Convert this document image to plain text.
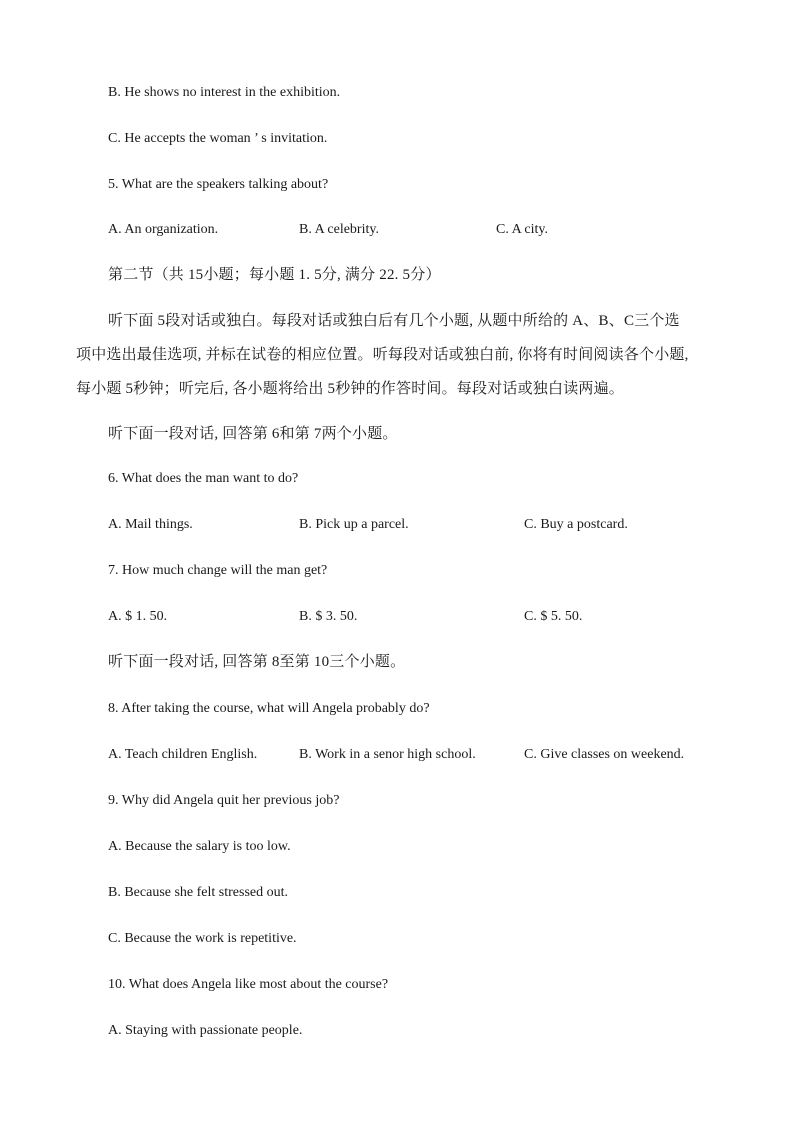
B. He shows no interest in the exhibition.
C. He accepts the woman ’ s invitation.
5. What are the speakers talking about?
A. An organization.	B. A celebrity.	C. A city.
第二节（共 15小题；每小题 1. 5分, 满分 22. 5分）
听下面 5段对话或独白。每段对话或独白后有几个小题, 从题中所给的 A、B、C三个选
项中选出最佳选项, 并标在试卷的相应位置。听每段对话或独白前, 你将有时间阅读各个小题,
每小题 5秒钟；听完后, 各小题将给出 5秒钟的作答时间。每段对话或独白读两遍。
听下面一段对话, 回答第 6和第 7两个小题。
6. What does the man want to do?
A. Mail things.	B. Pick up a parcel.	C. Buy a postcard.
7. How much change will the man get?
A. $ 1. 50.	B. $ 3. 50.	C. $ 5. 50.
听下面一段对话, 回答第 8至第 10三个小题。
8. After taking the course, what will Angela probably do?
A. Teach children English.	B. Work in a senor high school.	C. Give classes on weekend.
9. Why did Angela quit her previous job?
A. Because the salary is too low.
B. Because she felt stressed out.
C. Because the work is repetitive.
10. What does Angela like most about the course?
A. Staying with passionate people.
